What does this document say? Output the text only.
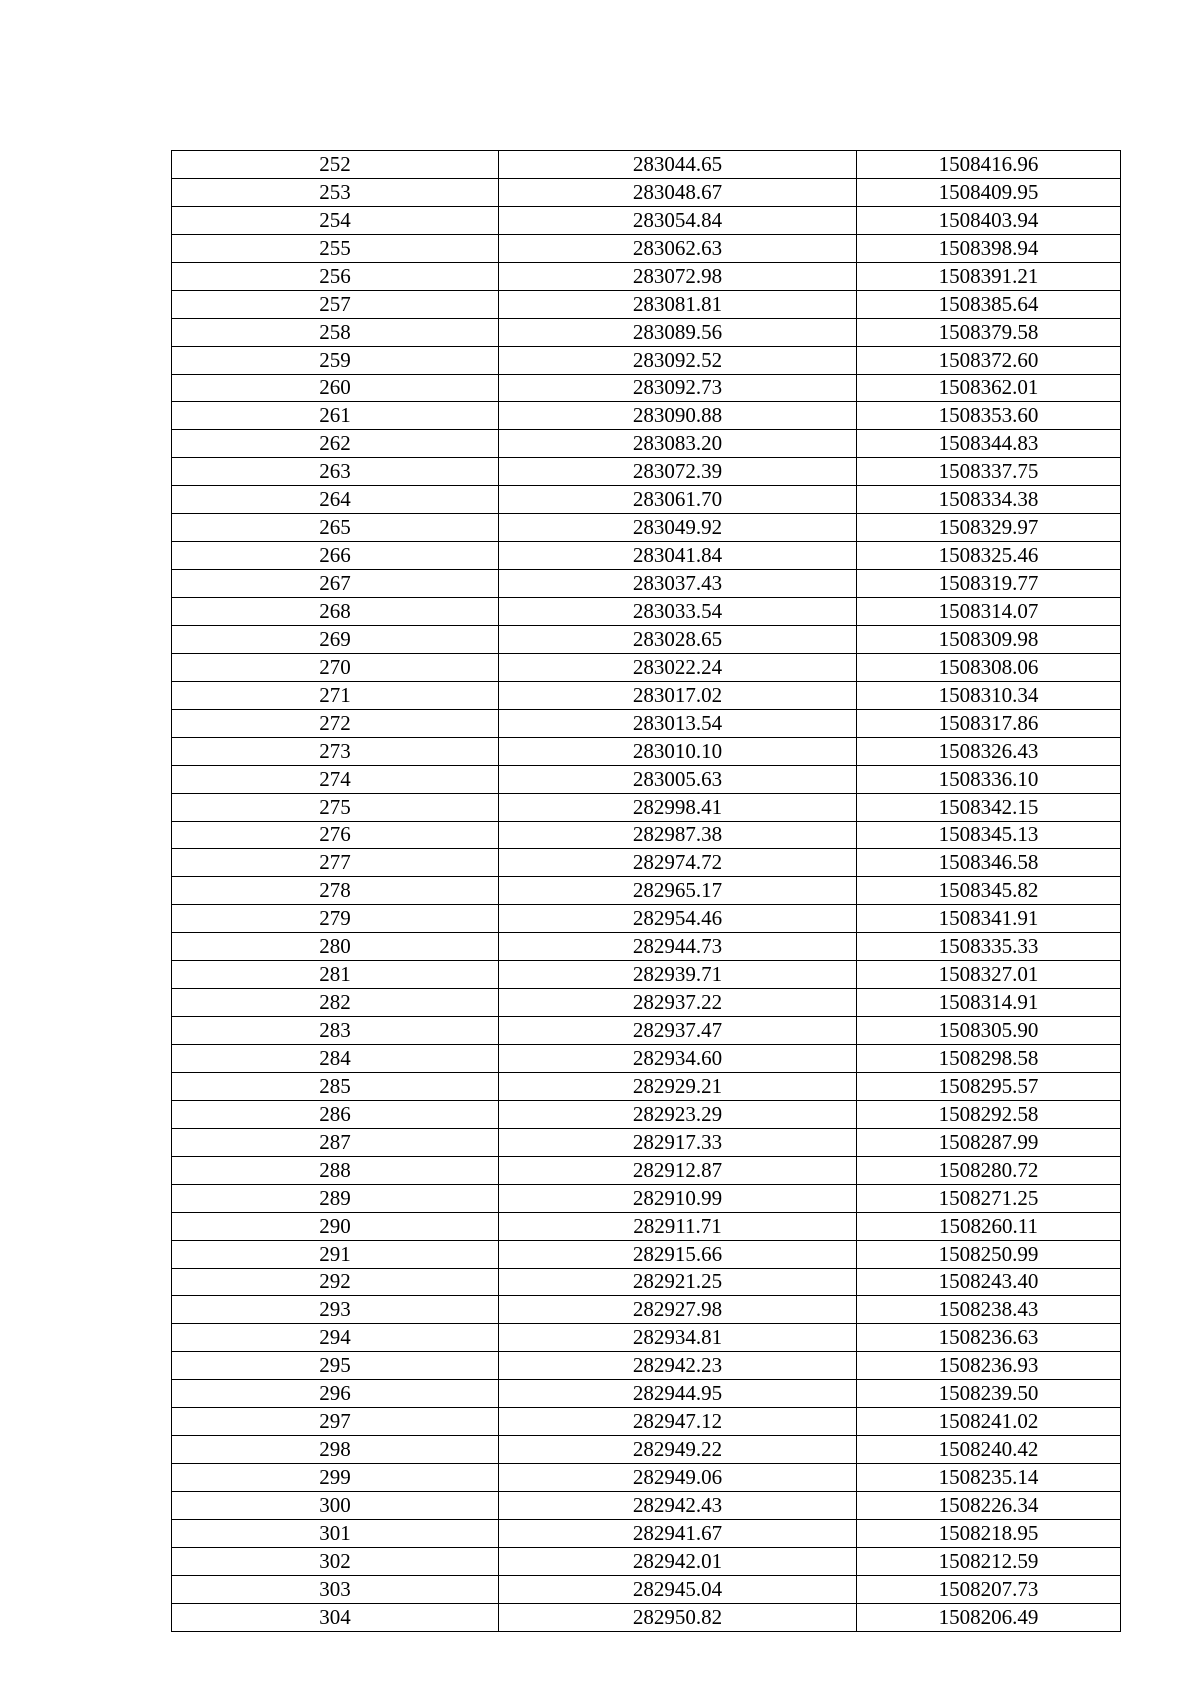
252	283044.65	1508416.96
253	283048.67	1508409.95
254	283054.84	1508403.94
255	283062.63	1508398.94
256	283072.98	1508391.21
257	283081.81	1508385.64
258	283089.56	1508379.58
259	283092.52	1508372.60
260	283092.73	1508362.01
261	283090.88	1508353.60
262	283083.20	1508344.83
263	283072.39	1508337.75
264	283061.70	1508334.38
265	283049.92	1508329.97
266	283041.84	1508325.46
267	283037.43	1508319.77
268	283033.54	1508314.07
269	283028.65	1508309.98
270	283022.24	1508308.06
271	283017.02	1508310.34
272	283013.54	1508317.86
273	283010.10	1508326.43
274	283005.63	1508336.10
275	282998.41	1508342.15
276	282987.38	1508345.13
277	282974.72	1508346.58
278	282965.17	1508345.82
279	282954.46	1508341.91
280	282944.73	1508335.33
281	282939.71	1508327.01
282	282937.22	1508314.91
283	282937.47	1508305.90
284	282934.60	1508298.58
285	282929.21	1508295.57
286	282923.29	1508292.58
287	282917.33	1508287.99
288	282912.87	1508280.72
289	282910.99	1508271.25
290	282911.71	1508260.11
291	282915.66	1508250.99
292	282921.25	1508243.40
293	282927.98	1508238.43
294	282934.81	1508236.63
295	282942.23	1508236.93
296	282944.95	1508239.50
297	282947.12	1508241.02
298	282949.22	1508240.42
299	282949.06	1508235.14
300	282942.43	1508226.34
301	282941.67	1508218.95
302	282942.01	1508212.59
303	282945.04	1508207.73
304	282950.82	1508206.49
